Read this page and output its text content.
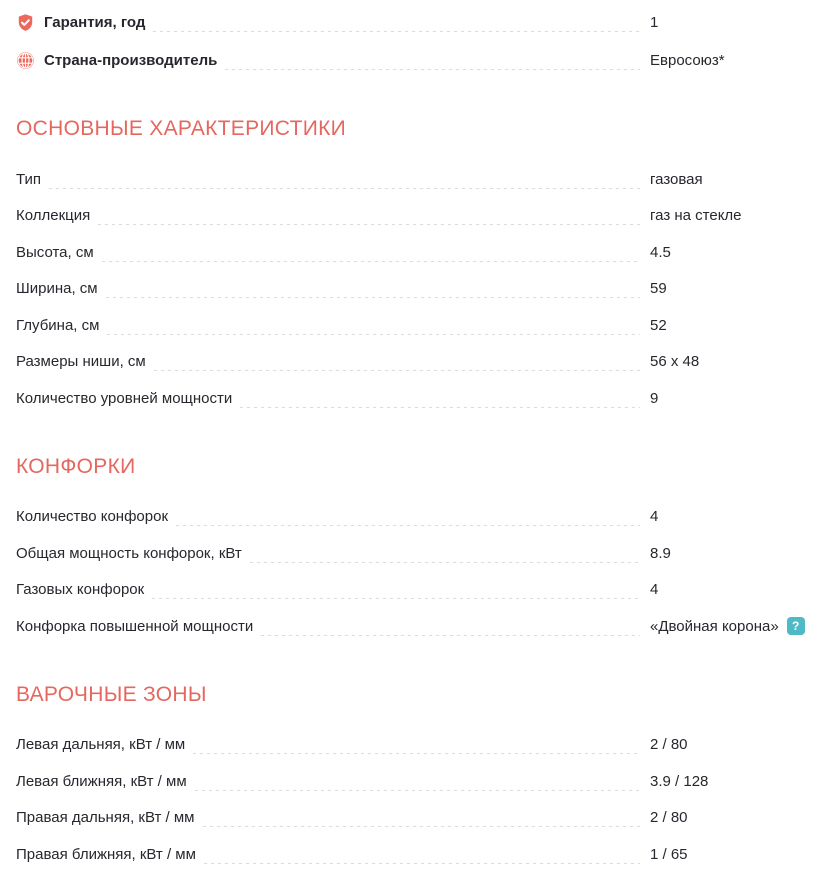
Гарантия, год	1
Страна-производитель	Евросоюз*
ОСНОВНЫЕ ХАРАКТЕРИСТИКИ
Тип	газовая
Коллекция	газ на стекле
Высота, см	4.5
Ширина, см	59
Глубина, см	52
Размеры ниши, см	56 x 48
Количество уровней мощности	9
КОНФОРКИ
Количество конфорок	4
Общая мощность конфорок, кВт	8.9
Газовых конфорок	4
Конфорка повышенной мощности	«Двойная корона»	?
ВАРОЧНЫЕ ЗОНЫ
Левая дальняя, кВт / мм	2 / 80
Левая ближняя, кВт / мм	3.9 / 128
Правая дальняя, кВт / мм	2 / 80
Правая ближняя, кВт / мм	1 / 65
